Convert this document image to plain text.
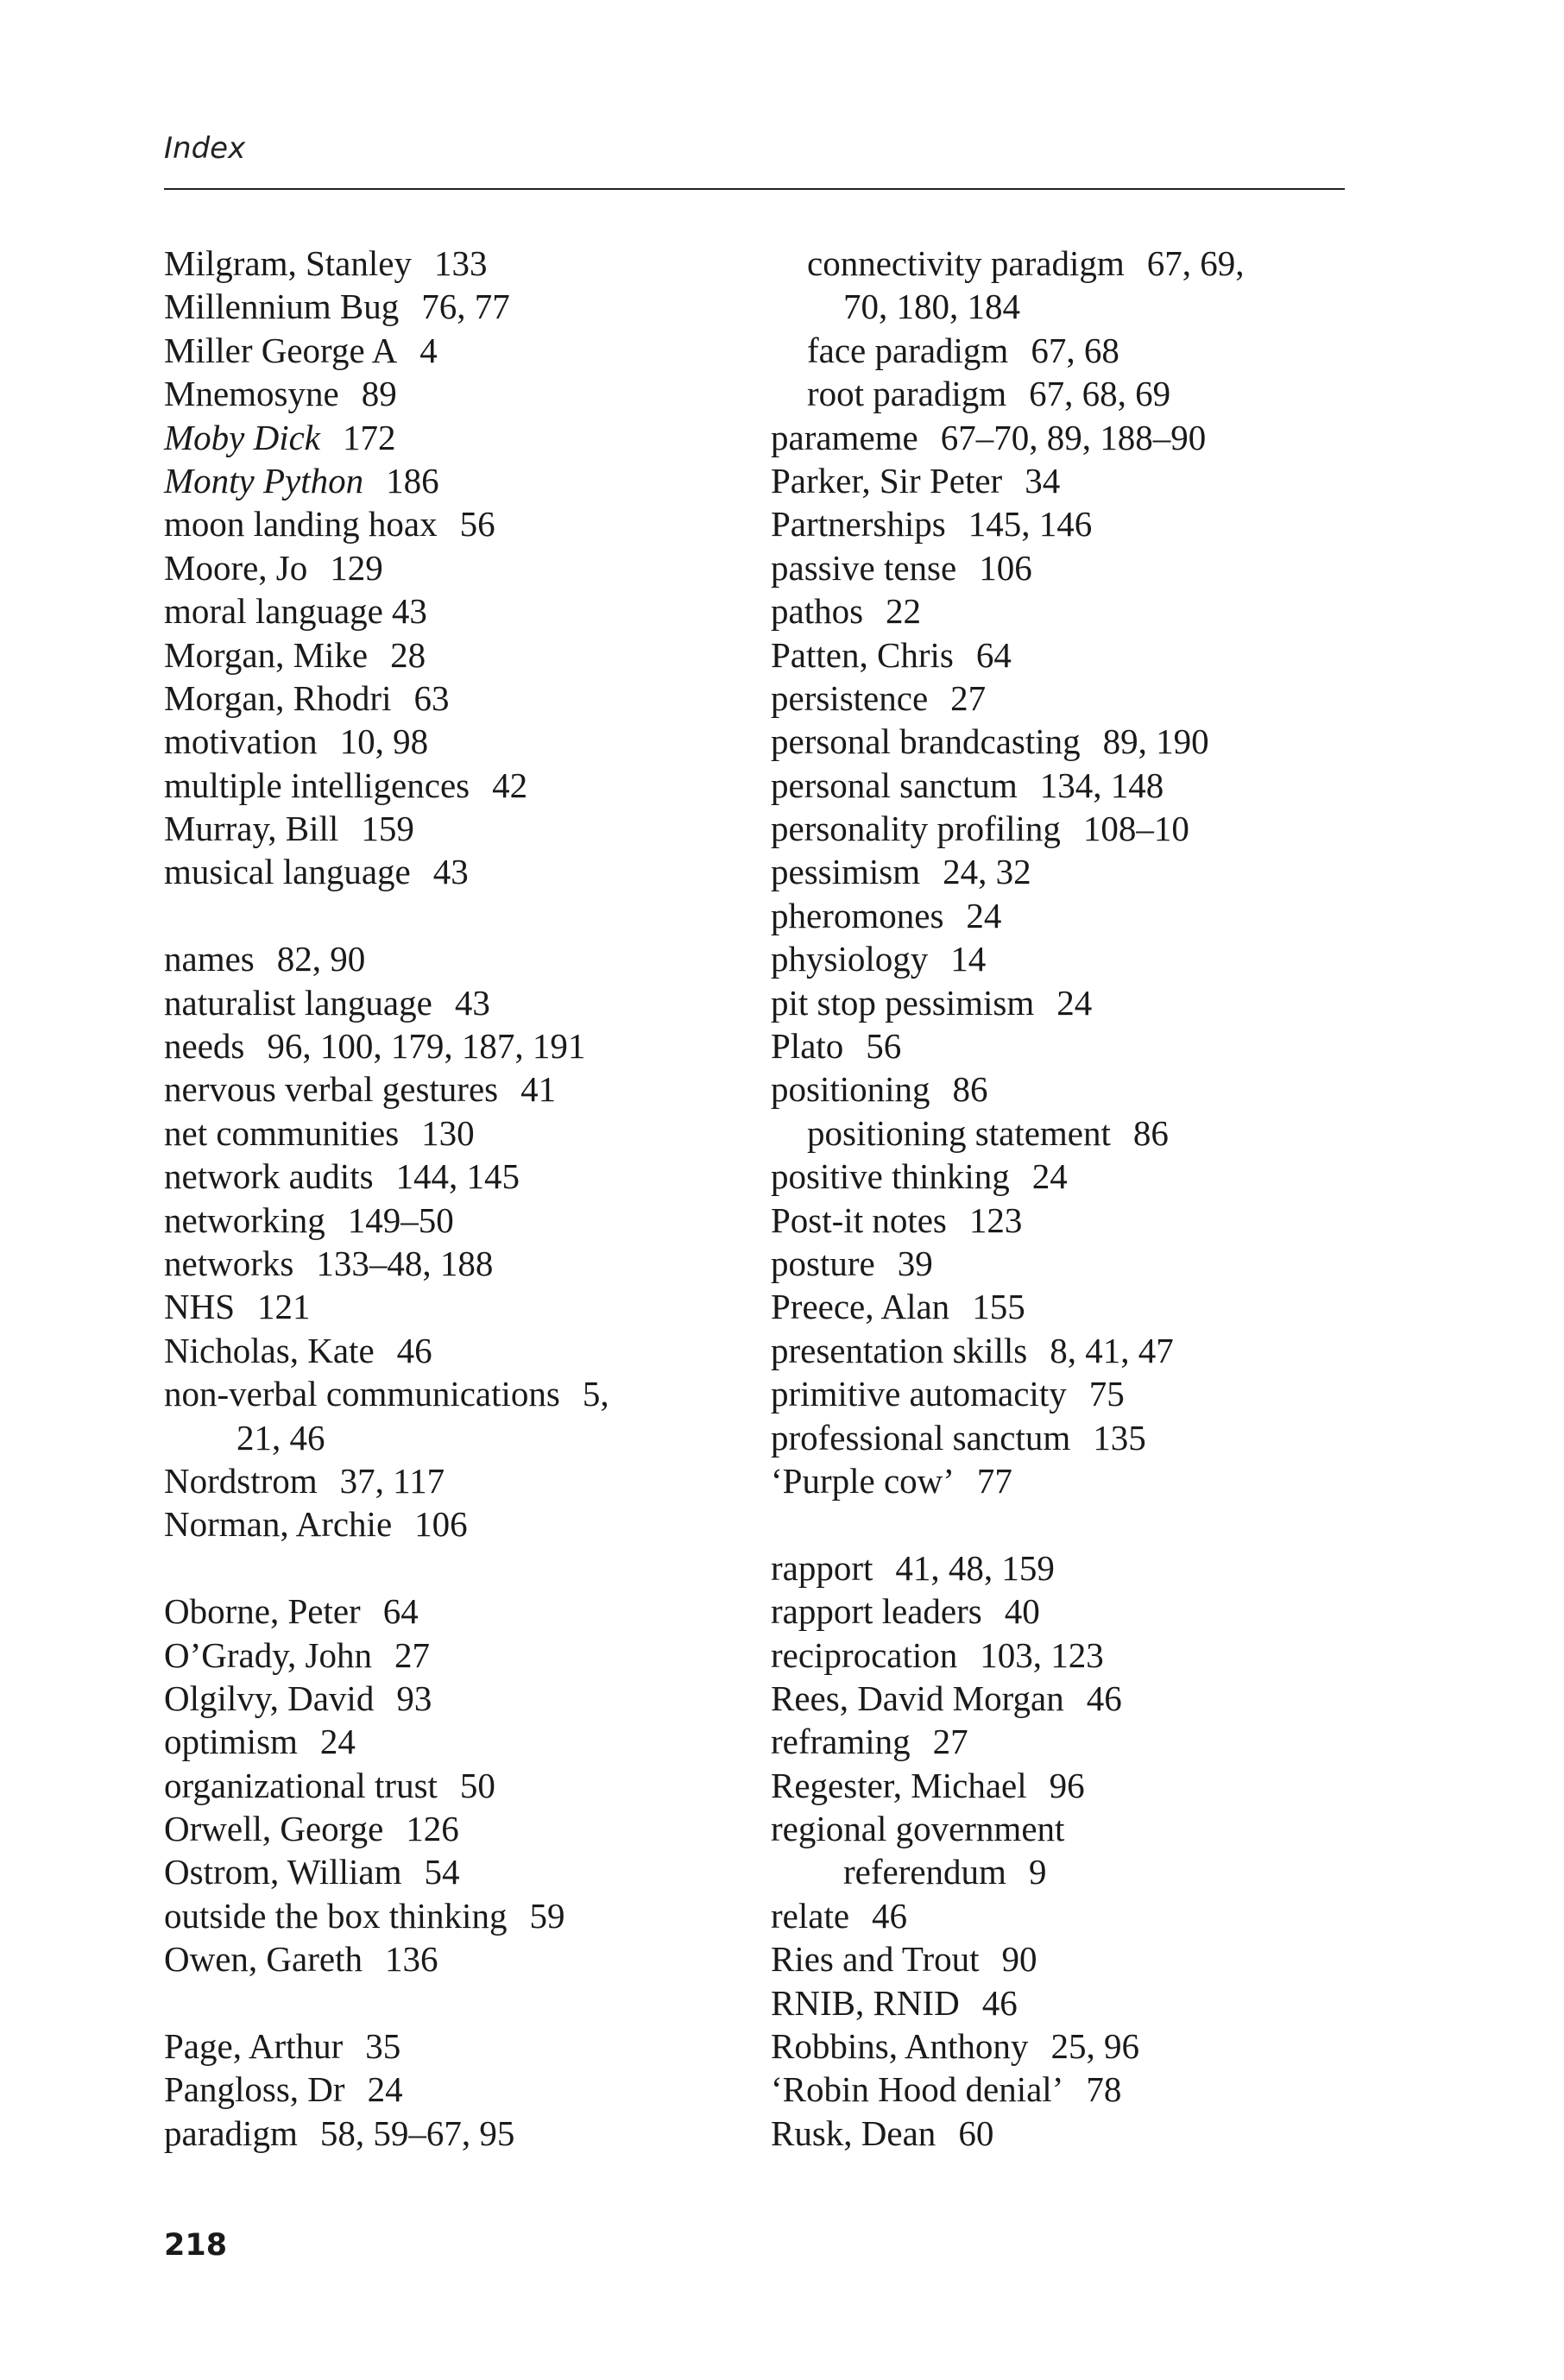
Index
Milgram, Stanley 133
Millennium Bug 76, 77
Miller George A 4
Mnemosyne 89
Moby Dick 172
Monty Python 186
moon landing hoax 56
Moore, Jo 129
moral language 43
Morgan, Mike 28
Morgan, Rhodri 63
motivation 10, 98
multiple intelligences 42
Murray, Bill 159
musical language 43
names 82, 90
naturalist language 43
needs 96, 100, 179, 187, 191
nervous verbal gestures 41
net communities 130
network audits 144, 145
networking 149–50
networks 133–48, 188
NHS 121
Nicholas, Kate 46
non-verbal communications 5,
21, 46
Nordstrom 37, 117
Norman, Archie 106
Oborne, Peter 64
O’Grady, John 27
Olgilvy, David 93
optimism 24
organizational trust 50
Orwell, George 126
Ostrom, William 54
outside the box thinking 59
Owen, Gareth 136
Page, Arthur 35
Pangloss, Dr 24
paradigm 58, 59–67, 95
connectivity paradigm 67, 69,
70, 180, 184
face paradigm 67, 68
root paradigm 67, 68, 69
parameme 67–70, 89, 188–90
Parker, Sir Peter 34
Partnerships 145, 146
passive tense 106
pathos 22
Patten, Chris 64
persistence 27
personal brandcasting 89, 190
personal sanctum 134, 148
personality profiling 108–10
pessimism 24, 32
pheromones 24
physiology 14
pit stop pessimism 24
Plato 56
positioning 86
positioning statement 86
positive thinking 24
Post-it notes 123
posture 39
Preece, Alan 155
presentation skills 8, 41, 47
primitive automacity 75
professional sanctum 135
‘Purple cow’ 77
rapport 41, 48, 159
rapport leaders 40
reciprocation 103, 123
Rees, David Morgan 46
reframing 27
Regester, Michael 96
regional government
referendum 9
relate 46
Ries and Trout 90
RNIB, RNID 46
Robbins, Anthony 25, 96
‘Robin Hood denial’ 78
Rusk, Dean 60
218
